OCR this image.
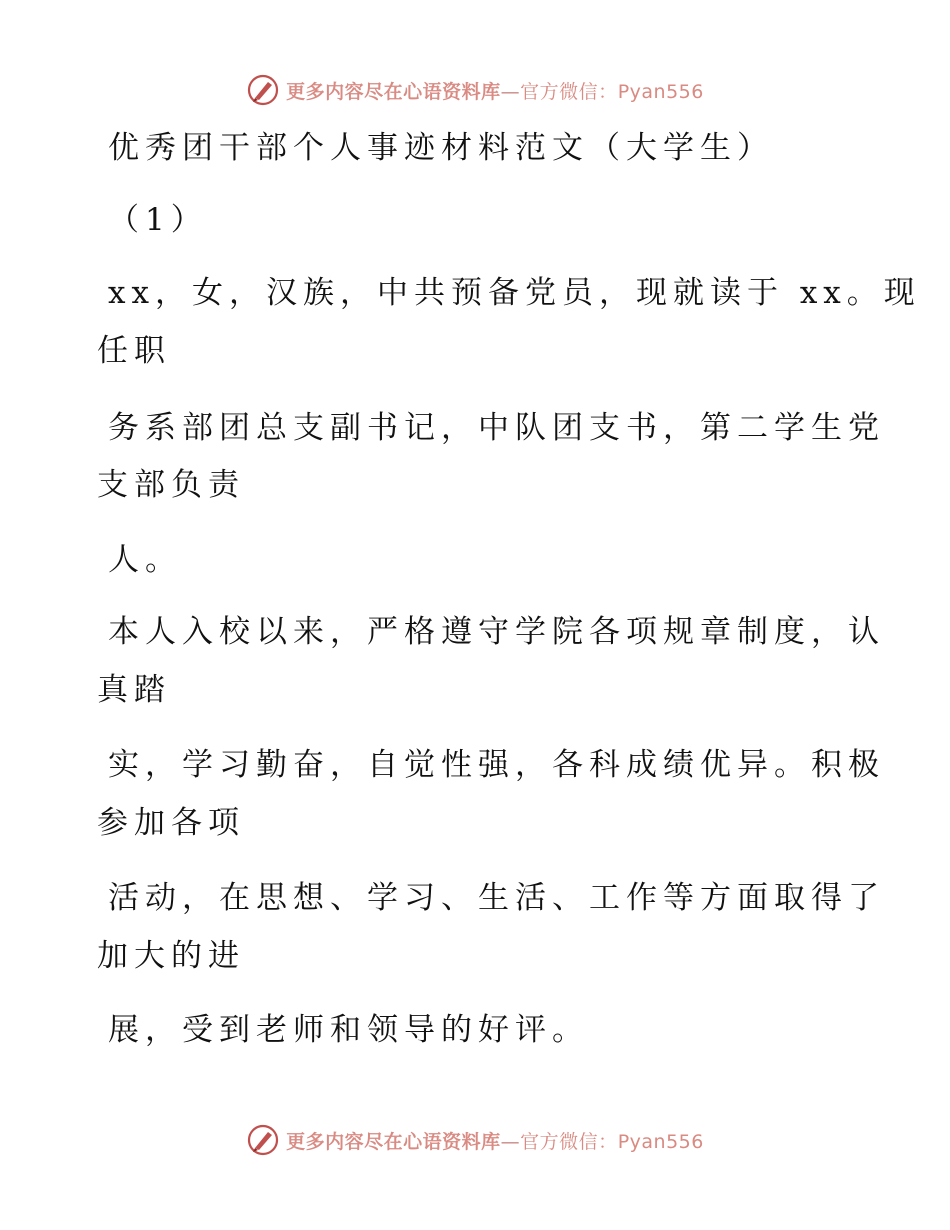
更多内容尽在心语资料库—官方微信：Pyan556
优秀团干部个人事迹材料范文（大学生）
（1）
xx，女，汉族，中共预备党员，现就读于 xx。现
任职
务系部团总支副书记，中队团支书，第二学生党
支部负责
人。
本人入校以来，严格遵守学院各项规章制度，认
真踏
实，学习勤奋，自觉性强，各科成绩优异。积极
参加各项
活动，在思想、学习、生活、工作等方面取得了
加大的进
展，受到老师和领导的好评。
更多内容尽在心语资料库—官方微信：Pyan556
